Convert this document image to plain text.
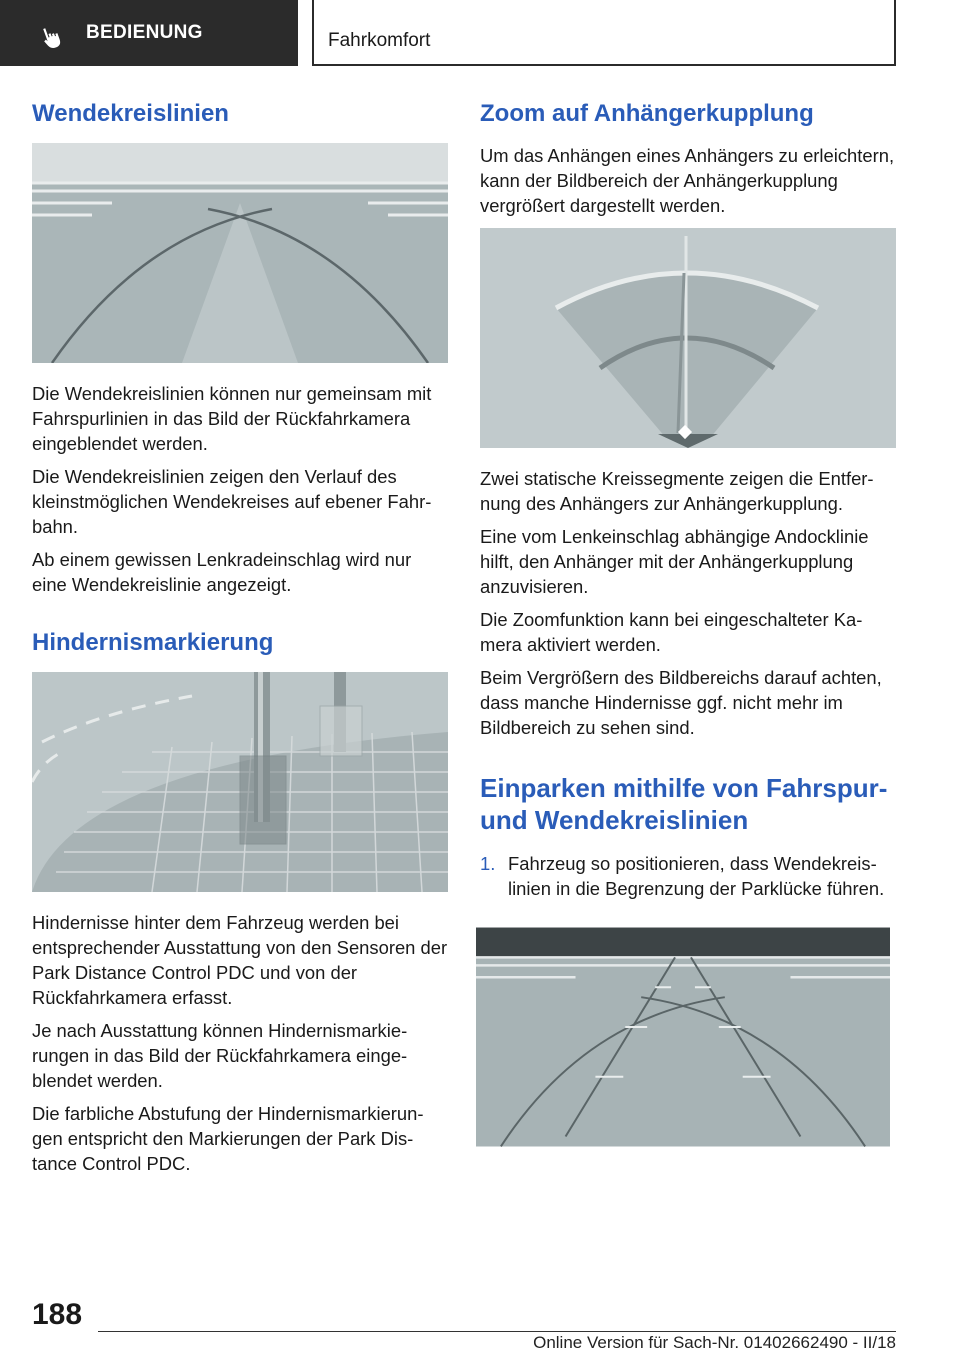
BEDIENUNG	Fahrkomfort
Wendekreislinien

Die Wendekreislinien können nur gemeinsam mit Fahrspurlinien in das Bild der Rückfahrkamera eingeblendet werden.

Die Wendekreislinien zeigen den Verlauf des kleinstmöglichen Wendekreises auf ebener Fahrbahn.

Ab einem gewissen Lenkradeinschlag wird nur eine Wendekreislinie angezeigt.

Hindernismarkierung

Hindernisse hinter dem Fahrzeug werden bei entsprechender Ausstattung von den Sensoren der Park Distance Control PDC und von der Rückfahrkamera erfasst.

Je nach Ausstattung können Hindernismarkierungen in das Bild der Rückfahrkamera eingeblendet werden.

Die farbliche Abstufung der Hindernismarkierungen entspricht den Markierungen der Park Distance Control PDC.

Zoom auf Anhängerkupplung

Um das Anhängen eines Anhängers zu erleichtern, kann der Bildbereich der Anhängerkupplung vergrößert dargestellt werden.

Zwei statische Kreissegmente zeigen die Entfernung des Anhängers zur Anhängerkupplung.

Eine vom Lenkeinschlag abhängige Andocklinie hilft, den Anhänger mit der Anhängerkupplung anzuvisieren.

Die Zoomfunktion kann bei eingeschalteter Kamera aktiviert werden.

Beim Vergrößern des Bildbereichs darauf achten, dass manche Hindernisse ggf. nicht mehr im Bildbereich zu sehen sind.

Einparken mithilfe von Fahrspur- und Wendekreislinien
1. Fahrzeug so positionieren, dass Wendekreislinien in die Begrenzung der Parklücke führen.
188
Online Version für Sach-Nr. 01402662490 - II/18
